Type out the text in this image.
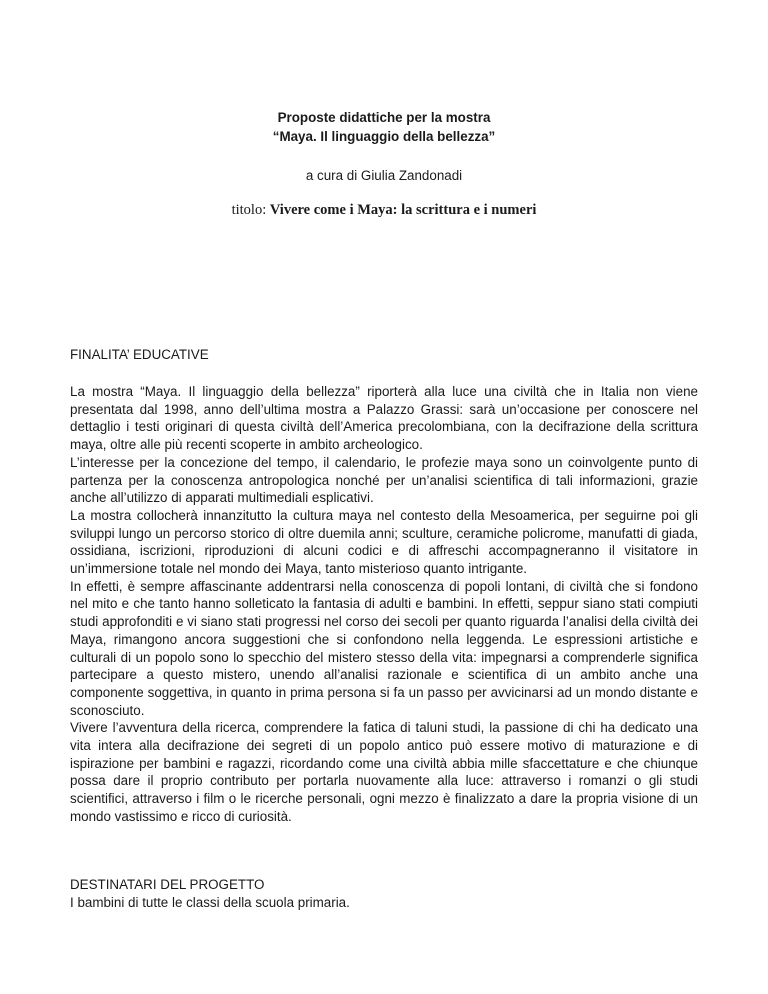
Proposte didattiche per la mostra

“Maya. Il linguaggio della bellezza”

a cura di Giulia Zandonadi

titolo: Vivere come i Maya: la scrittura e i numeri

FINALITA’ EDUCATIVE

La mostra “Maya. Il linguaggio della bellezza” riporterà alla luce una civiltà che in Italia non viene presentata dal 1998, anno dell’ultima mostra a Palazzo Grassi: sarà un’occasione per conoscere nel dettaglio i testi originari di questa civiltà dell’America precolombiana, con la decifrazione della scrittura maya, oltre alle più recenti scoperte in ambito archeologico.

L’interesse per la concezione del tempo, il calendario, le profezie maya sono un coinvolgente punto di partenza per la conoscenza antropologica nonché per un’analisi scientifica di tali informazioni, grazie anche all’utilizzo di apparati multimediali esplicativi.

La mostra collocherà innanzitutto la cultura maya nel contesto della Mesoamerica, per seguirne poi gli sviluppi lungo un percorso storico di oltre duemila anni; sculture, ceramiche policrome, manufatti di giada, ossidiana, iscrizioni, riproduzioni di alcuni codici e di affreschi accompagneranno il visitatore in un’immersione totale nel mondo dei Maya, tanto misterioso quanto intrigante.

In effetti, è sempre affascinante addentrarsi nella conoscenza di popoli lontani, di civiltà che si fondono nel mito e che tanto hanno solleticato la fantasia di adulti e bambini. In effetti, seppur siano stati compiuti studi approfonditi e vi siano stati progressi nel corso dei secoli per quanto riguarda l’analisi della civiltà dei Maya, rimangono ancora suggestioni che si confondono nella leggenda. Le espressioni artistiche e culturali di un popolo sono lo specchio del mistero stesso della vita: impegnarsi a comprenderle significa partecipare a questo mistero, unendo all’analisi razionale e scientifica di un ambito anche una componente soggettiva, in quanto in prima persona si fa un passo per avvicinarsi ad un mondo distante e sconosciuto.

Vivere l’avventura della ricerca, comprendere la fatica di taluni studi, la passione di chi ha dedicato una vita intera alla decifrazione dei segreti di un popolo antico può essere motivo di maturazione e di ispirazione per bambini e ragazzi, ricordando come una civiltà abbia mille sfaccettature e che chiunque possa dare il proprio contributo per portarla nuovamente alla luce: attraverso i romanzi o gli studi scientifici, attraverso i film o le ricerche personali, ogni mezzo è finalizzato a dare la propria visione di un mondo vastissimo e ricco di curiosità.

DESTINATARI DEL PROGETTO

I bambini di tutte le classi della scuola primaria.
